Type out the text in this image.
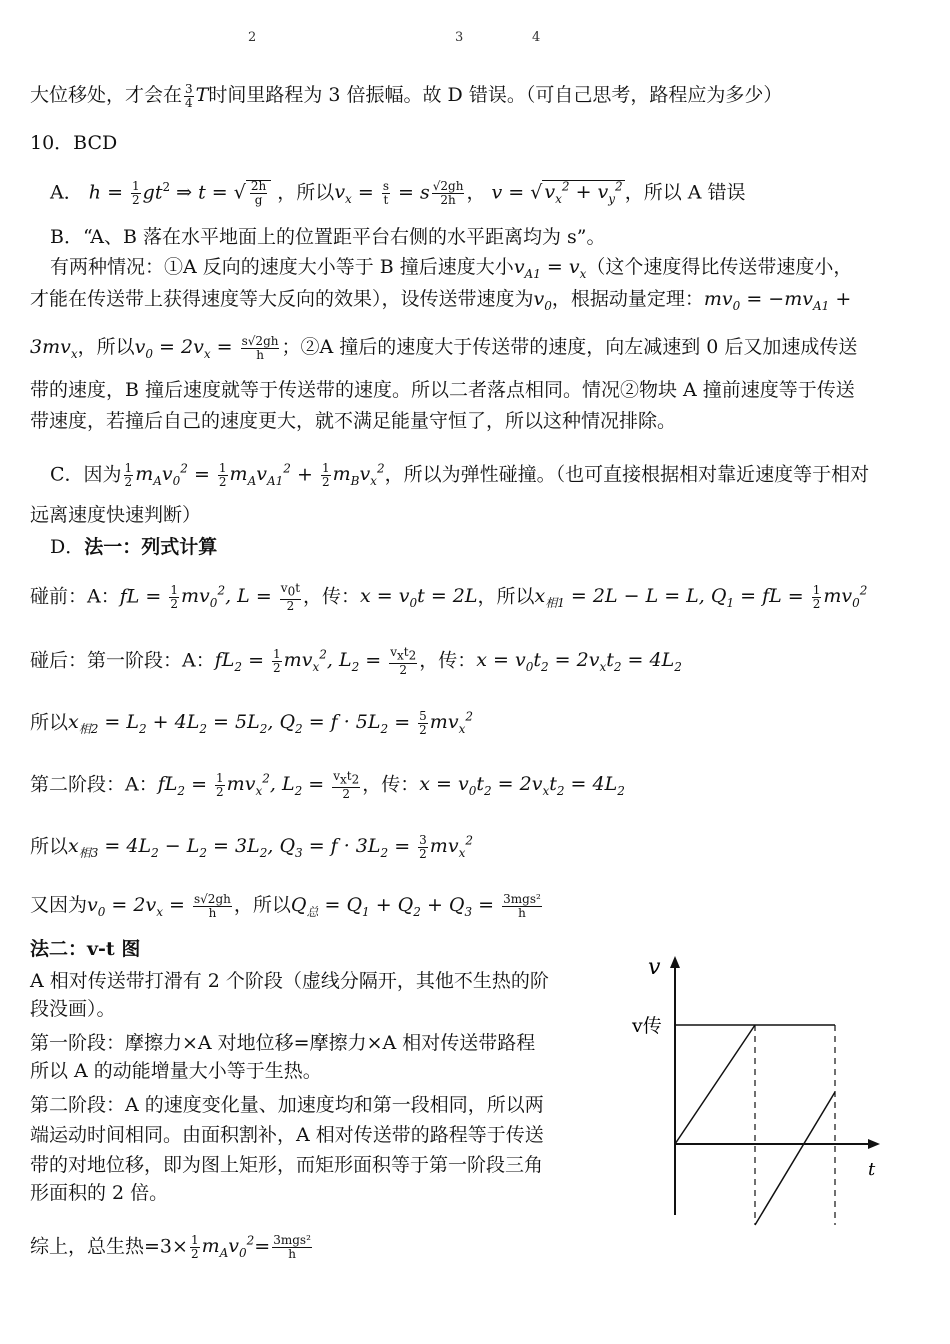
2	3	4
大位移处，才会在 $\frac{3}{4}$ T时间里路程为 3 倍振幅。故 D 错误。（可自己思考，路程应为多少）
10．BCD
A． $h = \frac{1}{2} gt^2$ ⇒ t = √ $\frac{2h}{g}$ ，所以$v_x = \frac{s}{t} = s \frac{√2gh}{2h}$ ， v = √ $v_x^2 + v_y^2$ ，所以 A 错误
B．“A、B 落在水平地面上的位置距平台右侧的水平距离均为 s”。
有两种情况：①A 反向的速度大小等于 B 撞后速度大小$v_{A1} = v_x$（这个速度得比传送带速度小，
才能在传送带上获得速度等大反向的效果），设传送带速度为$v_0$，根据动量定理：$mv_0 = -mv_{A1}$ +
$3mv_x$，所以$v_0 = 2v_x = \frac{s√2gh}{h}$ ；②A 撞后的速度大于传送带的速度，向左减速到 0 后又加速成传送
带的速度，B 撞后速度就等于传送带的速度。所以二者落点相同。情况②物块 A 撞前速度等于传送
带速度，若撞后自己的速度更大，就不满足能量守恒了，所以这种情况排除。
C．因为 $\frac{1}{2} m_Av_0^2 = \frac{1}{2} m_Av_{A1}^2 + \frac{1}{2} m_Bv_x^2$，所以为弹性碰撞。（也可直接根据相对靠近速度等于相对
远离速度快速判断）
D．法一：列式计算
碰前：A：fL = $\frac{1}{2} mv_0^2$, $L = \frac{v_0t}{2}$ ，传：$x = v_0t = 2L$，所以$x_{相1} = 2L - L = L$, $Q_1$ = fL = $\frac{1}{2} mv_0^2$
碰后：第一阶段：A：$fL_2 = \frac{1}{2} mv_x^2$, $L_2 = \frac{v_xt_2}{2}$ ，传：$x = v_0t_2 = 2v_xt_2 = 4L_2$
所以$x_{相2} = L_2 + 4L_2 = 5L_2$, $Q_2 = f \cdot 5L_2 = \frac{5}{2} mv_x^2$
第二阶段：A：$fL_2 = \frac{1}{2} mv_x^2$, $L_2 = \frac{v_xt_2}{2}$ ，传：$x = v_0t_2 = 2v_xt_2 = 4L_2$
所以$x_{相3} = 4L_2 - L_2 = 3L_2$, $Q_3 = f \cdot 3L_2 = \frac{3}{2} mv_x^2$
又因为$v_0 = 2v_x = \frac{s√2gh}{h}$ ，所以$Q_总 = Q_1 + Q_2 + Q_3 = \frac{\text{3mgs²}}{h}$
法二：v-t 图
A 相对传送带打滑有 2 个阶段（虚线分隔开，其他不生热的阶
段没画）。
第一阶段：摩擦力×A 对地位移=摩擦力×A 相对传送带路程
所以 A 的动能增量大小等于生热。
第二阶段：A 的速度变化量、加速度均和第一段相同，所以两
端运动时间相同。由面积割补，A 相对传送带的路程等于传送
带的对地位移，即为图上矩形，而矩形面积等于第一阶段三角
形面积的 2 倍。
综上，总生热$=3\times \frac{1}{2} m_Av_0^2= \frac{\text{3mgs²}}{h}$
v
t
v传
